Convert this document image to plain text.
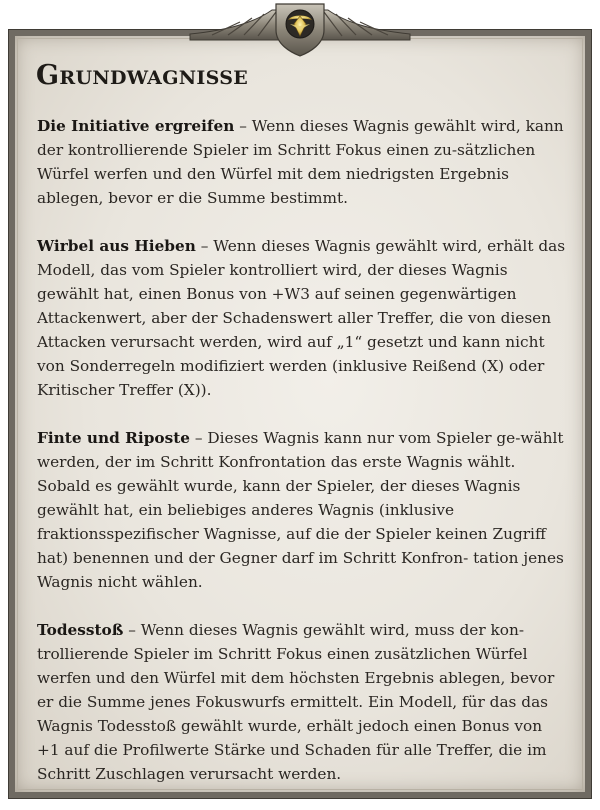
Grundwagnisse

Die Initiative ergreifen – Wenn dieses Wagnis gewählt wird, kann der kontrollierende Spieler im Schritt Fokus einen zu-sätzlichen Würfel werfen und den Würfel mit dem niedrigsten Ergebnis ablegen, bevor er die Summe bestimmt.

Wirbel aus Hieben – Wenn dieses Wagnis gewählt wird, erhält das Modell, das vom Spieler kontrolliert wird, der dieses Wagnis gewählt hat, einen Bonus von +W3 auf seinen gegenwärtigen Attackenwert, aber der Schadenswert aller Treffer, die von diesen Attacken verursacht werden, wird auf „1“ gesetzt und kann nicht von Sonderregeln modifiziert werden (inklusive Reißend (X) oder Kritischer Treffer (X)).

Finte und Riposte – Dieses Wagnis kann nur vom Spieler ge-wählt werden, der im Schritt Konfrontation das erste Wagnis wählt. Sobald es gewählt wurde, kann der Spieler, der dieses Wagnis gewählt hat, ein beliebiges anderes Wagnis (inklusive fraktionsspezifischer Wagnisse, auf die der Spieler keinen Zugriff hat) benennen und der Gegner darf im Schritt Konfron- tation jenes Wagnis nicht wählen.

Todesstoß – Wenn dieses Wagnis gewählt wird, muss der kon-trollierende Spieler im Schritt Fokus einen zusätzlichen Würfel werfen und den Würfel mit dem höchsten Ergebnis ablegen, bevor er die Summe jenes Fokuswurfs ermittelt. Ein Modell, für das das Wagnis Todesstoß gewählt wurde, erhält jedoch einen Bonus von +1 auf die Profilwerte Stärke und Schaden für alle Treffer, die im Schritt Zuschlagen verursacht werden.
